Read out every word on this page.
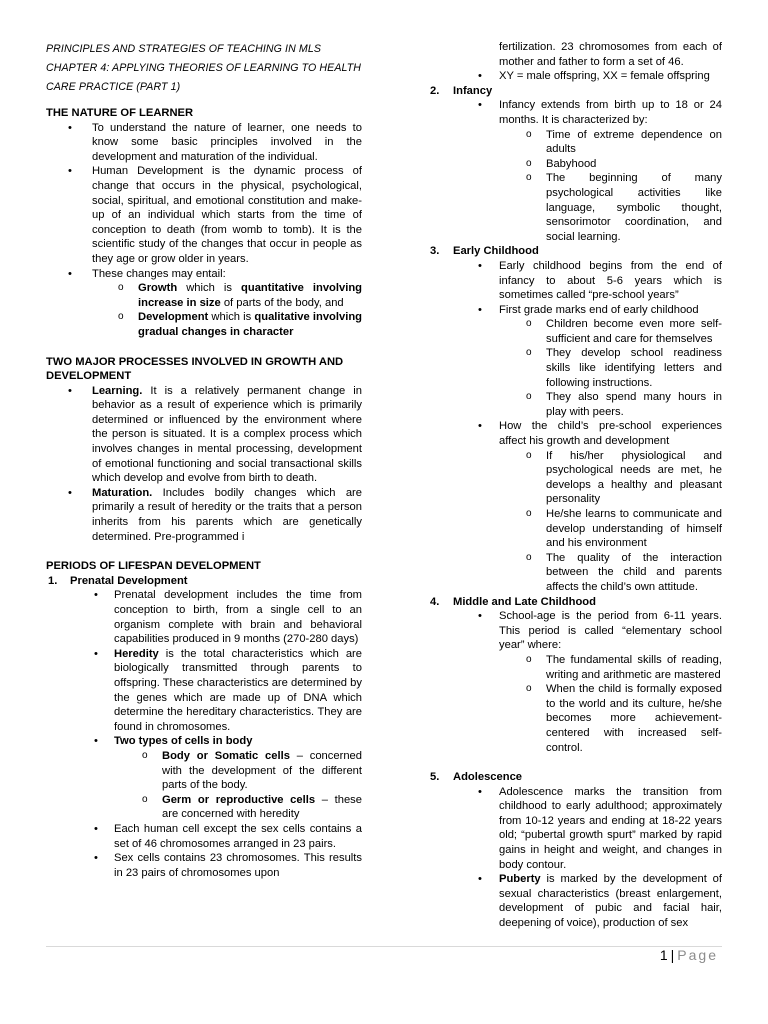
PRINCIPLES AND STRATEGIES OF TEACHING IN MLS
CHAPTER 4: APPLYING THEORIES OF LEARNING TO HEALTH
CARE PRACTICE (PART 1)
THE NATURE OF LEARNER
• To understand the nature of learner, one needs to know some basic principles involved in the development and maturation of the individual.
• Human Development is the dynamic process of change that occurs in the physical, psychological, social, spiritual, and emotional constitution and make-up of an individual which starts from the time of conception to death (from womb to tomb). It is the scientific study of the changes that occur in people as they age or grow older in years.
• These changes may entail:
o Growth which is quantitative involving increase in size of parts of the body, and
o Development which is qualitative involving gradual changes in character
TWO MAJOR PROCESSES INVOLVED IN GROWTH AND DEVELOPMENT
• Learning. It is a relatively permanent change in behavior as a result of experience which is primarily determined or influenced by the environment where the person is situated. It is a complex process which involves changes in mental processing, development of emotional functioning and social transactional skills which develop and evolve from birth to death.
• Maturation. Includes bodily changes which are primarily a result of heredity or the traits that a person inherits from his parents which are genetically determined. Pre-programmed i
PERIODS OF LIFESPAN DEVELOPMENT
1. Prenatal Development
• Prenatal development includes the time from conception to birth, from a single cell to an organism complete with brain and behavioral capabilities produced in 9 months (270-280 days)
• Heredity is the total characteristics which are biologically transmitted through parents to offspring. These characteristics are determined by the genes which are made up of DNA which determine the hereditary characteristics. They are found in chromosomes.
• Two types of cells in body
o Body or Somatic cells – concerned with the development of the different parts of the body.
o Germ or reproductive cells – these are concerned with heredity
• Each human cell except the sex cells contains a set of 46 chromosomes arranged in 23 pairs.
• Sex cells contains 23 chromosomes. This results in 23 pairs of chromosomes upon
fertilization. 23 chromosomes from each of mother and father to form a set of 46.
• XY = male offspring, XX = female offspring
2. Infancy
• Infancy extends from birth up to 18 or 24 months. It is characterized by:
o Time of extreme dependence on adults
o Babyhood
o The beginning of many psychological activities like language, symbolic thought, sensorimotor coordination, and social learning.
3. Early Childhood
• Early childhood begins from the end of infancy to about 5-6 years which is sometimes called “pre-school years”
• First grade marks end of early childhood
o Children become even more self-sufficient and care for themselves
o They develop school readiness skills like identifying letters and following instructions.
o They also spend many hours in play with peers.
• How the child’s pre-school experiences affect his growth and development
o If his/her physiological and psychological needs are met, he develops a healthy and pleasant personality
o He/she learns to communicate and develop understanding of himself and his environment
o The quality of the interaction between the child and parents affects the child’s own attitude.
4. Middle and Late Childhood
• School-age is the period from 6-11 years. This period is called “elementary school year” where:
o The fundamental skills of reading, writing and arithmetic are mastered
o When the child is formally exposed to the world and its culture, he/she becomes more achievement-centered with increased self-control.
5. Adolescence
• Adolescence marks the transition from childhood to early adulthood; approximately from 10-12 years and ending at 18-22 years old; “pubertal growth spurt” marked by rapid gains in height and weight, and changes in body contour.
• Puberty is marked by the development of sexual characteristics (breast enlargement, development of pubic and facial hair, deepening of voice), production of sex
1 | Page
